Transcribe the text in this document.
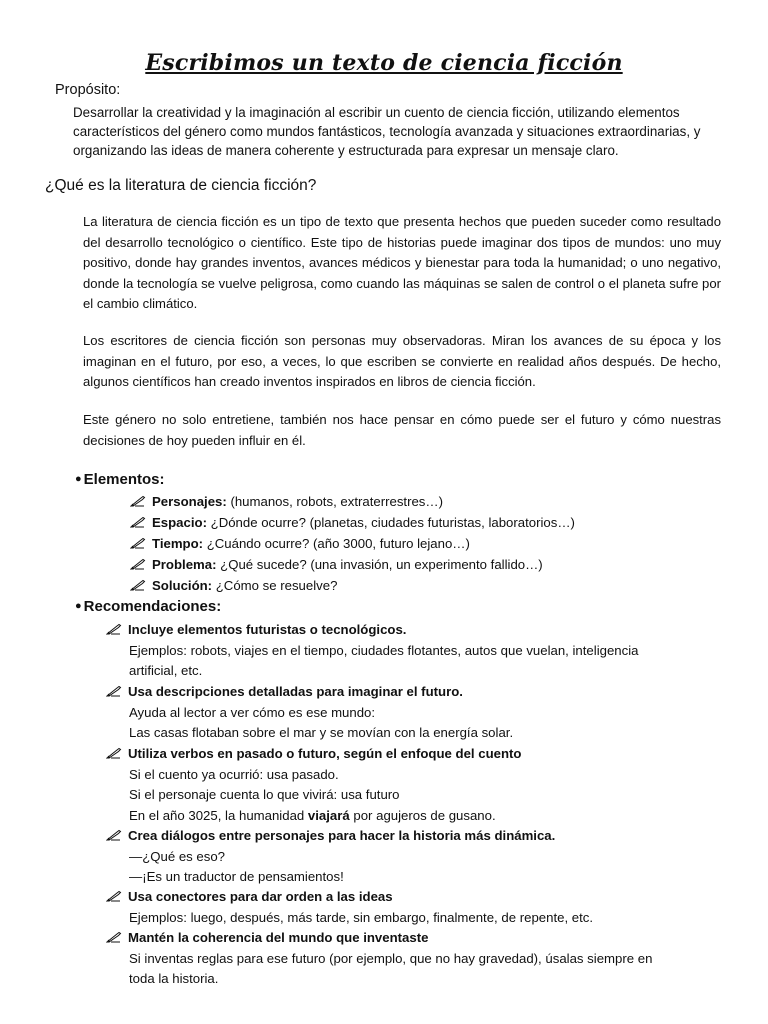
Escribimos un texto de ciencia ficción
Propósito:
Desarrollar la creatividad y la imaginación al escribir un cuento de ciencia ficción, utilizando elementos característicos del género como mundos fantásticos, tecnología avanzada y situaciones extraordinarias, y organizando las ideas de manera coherente y estructurada para expresar un mensaje claro.
¿Qué es la literatura de ciencia ficción?

La literatura de ciencia ficción es un tipo de texto que presenta hechos que pueden suceder como resultado del desarrollo tecnológico o científico. Este tipo de historias puede imaginar dos tipos de mundos: uno muy positivo, donde hay grandes inventos, avances médicos y bienestar para toda la humanidad; o uno negativo, donde la tecnología se vuelve peligrosa, como cuando las máquinas se salen de control o el planeta sufre por el cambio climático.

Los escritores de ciencia ficción son personas muy observadoras. Miran los avances de su época y los imaginan en el futuro, por eso, a veces, lo que escriben se convierte en realidad años después. De hecho, algunos científicos han creado inventos inspirados en libros de ciencia ficción.

Este género no solo entretiene, también nos hace pensar en cómo puede ser el futuro y cómo nuestras decisiones de hoy pueden influir en él.

● Elementos:
Personajes: (humanos, robots, extraterrestres…)
Espacio: ¿Dónde ocurre? (planetas, ciudades futuristas, laboratorios…)
Tiempo: ¿Cuándo ocurre? (año 3000, futuro lejano…)
Problema: ¿Qué sucede? (una invasión, un experimento fallido…)
Solución: ¿Cómo se resuelve?
● Recomendaciones:
Incluye elementos futuristas o tecnológicos.
Ejemplos: robots, viajes en el tiempo, ciudades flotantes, autos que vuelan, inteligencia
artificial, etc.
Usa descripciones detalladas para imaginar el futuro.
Ayuda al lector a ver cómo es ese mundo:
Las casas flotaban sobre el mar y se movían con la energía solar.
Utiliza verbos en pasado o futuro, según el enfoque del cuento
Si el cuento ya ocurrió: usa pasado.
Si el personaje cuenta lo que vivirá: usa futuro
En el año 3025, la humanidad viajará por agujeros de gusano.
Crea diálogos entre personajes para hacer la historia más dinámica.
—¿Qué es eso?
—¡Es un traductor de pensamientos!
Usa conectores para dar orden a las ideas
Ejemplos: luego, después, más tarde, sin embargo, finalmente, de repente, etc.
Mantén la coherencia del mundo que inventaste
Si inventas reglas para ese futuro (por ejemplo, que no hay gravedad), úsalas siempre en
toda la historia.
